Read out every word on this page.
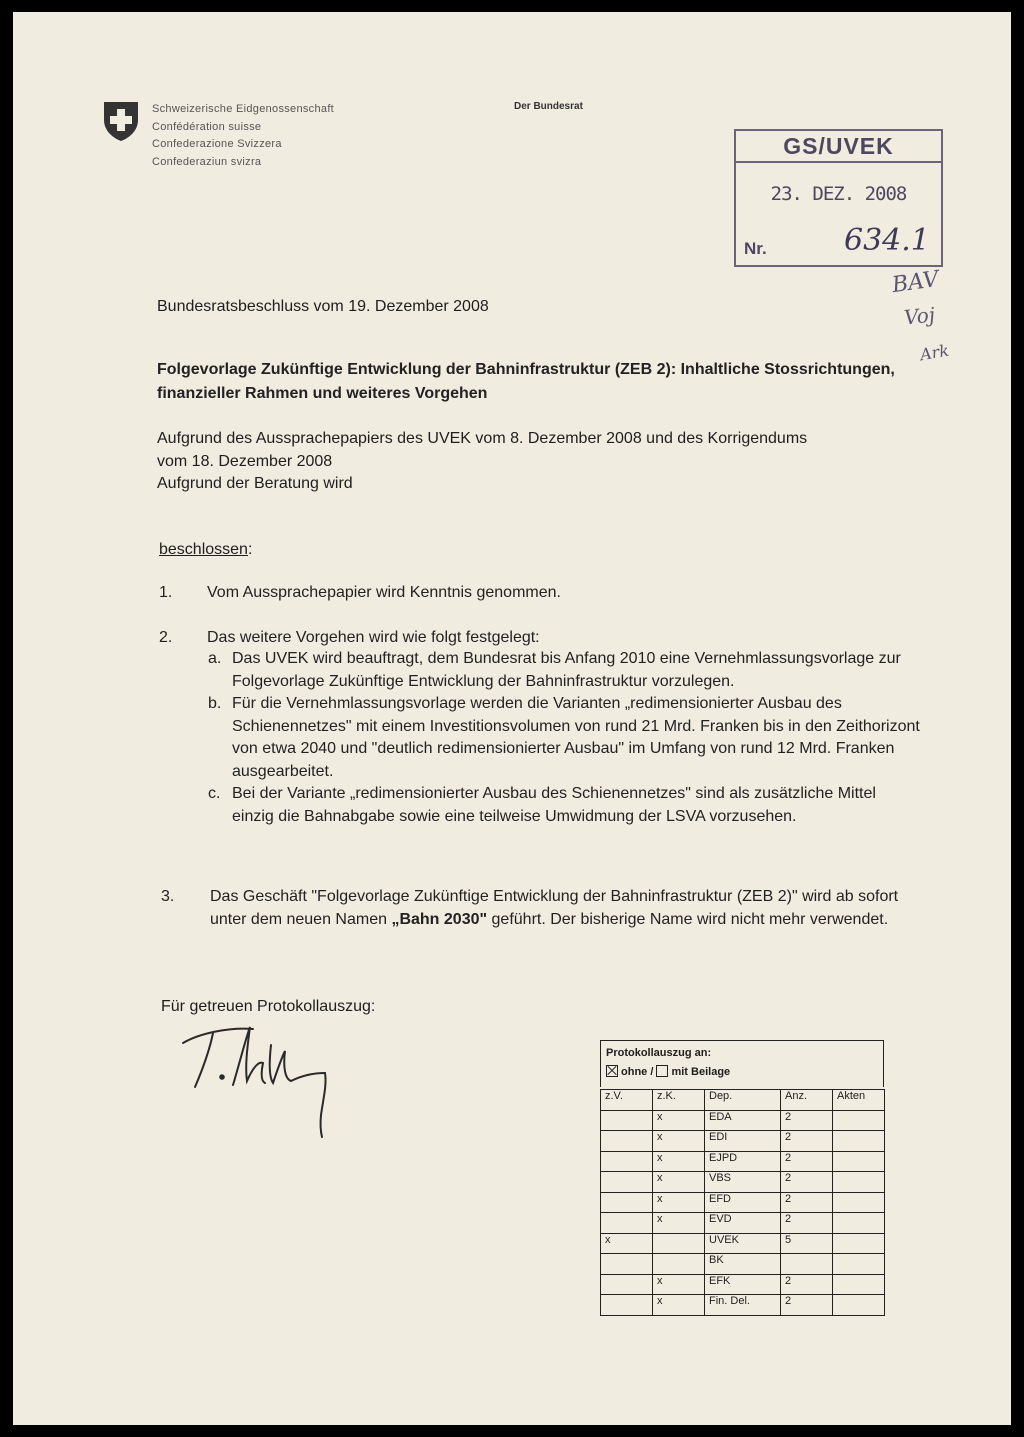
Schweizerische Eidgenossenschaft
Confédération suisse
Confederazione Svizzera
Confederaziun svizra
Der Bundesrat
GS/UVEK
23. DEZ. 2008
Nr.	634.1
BAV
Voj
Ark
Bundesratsbeschluss vom 19. Dezember 2008
Folgevorlage Zukünftige Entwicklung der Bahninfrastruktur (ZEB 2): Inhaltliche Stossrichtungen, finanzieller Rahmen und weiteres Vorgehen
Aufgrund des Aussprachepapiers des UVEK vom 8. Dezember 2008 und des Korrigendums
vom 18. Dezember 2008
Aufgrund der Beratung wird
beschlossen:
1. Vom Aussprachepapier wird Kenntnis genommen.
2. Das weitere Vorgehen wird wie folgt festgelegt:
a. Das UVEK wird beauftragt, dem Bundesrat bis Anfang 2010 eine Vernehmlassungsvorlage zur Folgevorlage Zukünftige Entwicklung der Bahninfrastruktur vorzulegen.
b. Für die Vernehmlassungsvorlage werden die Varianten „redimensionierter Ausbau des Schienennetzes" mit einem Investitionsvolumen von rund 21 Mrd. Franken bis in den Zeithorizont von etwa 2040 und "deutlich redimensionierter Ausbau" im Umfang von rund 12 Mrd. Franken ausgearbeitet.
c. Bei der Variante „redimensionierter Ausbau des Schienennetzes" sind als zusätzliche Mittel einzig die Bahnabgabe sowie eine teilweise Umwidmung der LSVA vorzusehen.
3. Das Geschäft "Folgevorlage Zukünftige Entwicklung der Bahninfrastruktur (ZEB 2)" wird ab sofort unter dem neuen Namen „Bahn 2030" geführt. Der bisherige Name wird nicht mehr verwendet.
Für getreuen Protokollauszug:
Protokollauszug an:
ohne / mit Beilage
z.V.	z.K.	Dep.	Anz.	Akten
	x	EDA	2	
	x	EDI	2	
	x	EJPD	2	
	x	VBS	2	
	x	EFD	2	
	x	EVD	2	
x		UVEK	5	
		BK		
	x	EFK	2	
	x	Fin. Del.	2	
